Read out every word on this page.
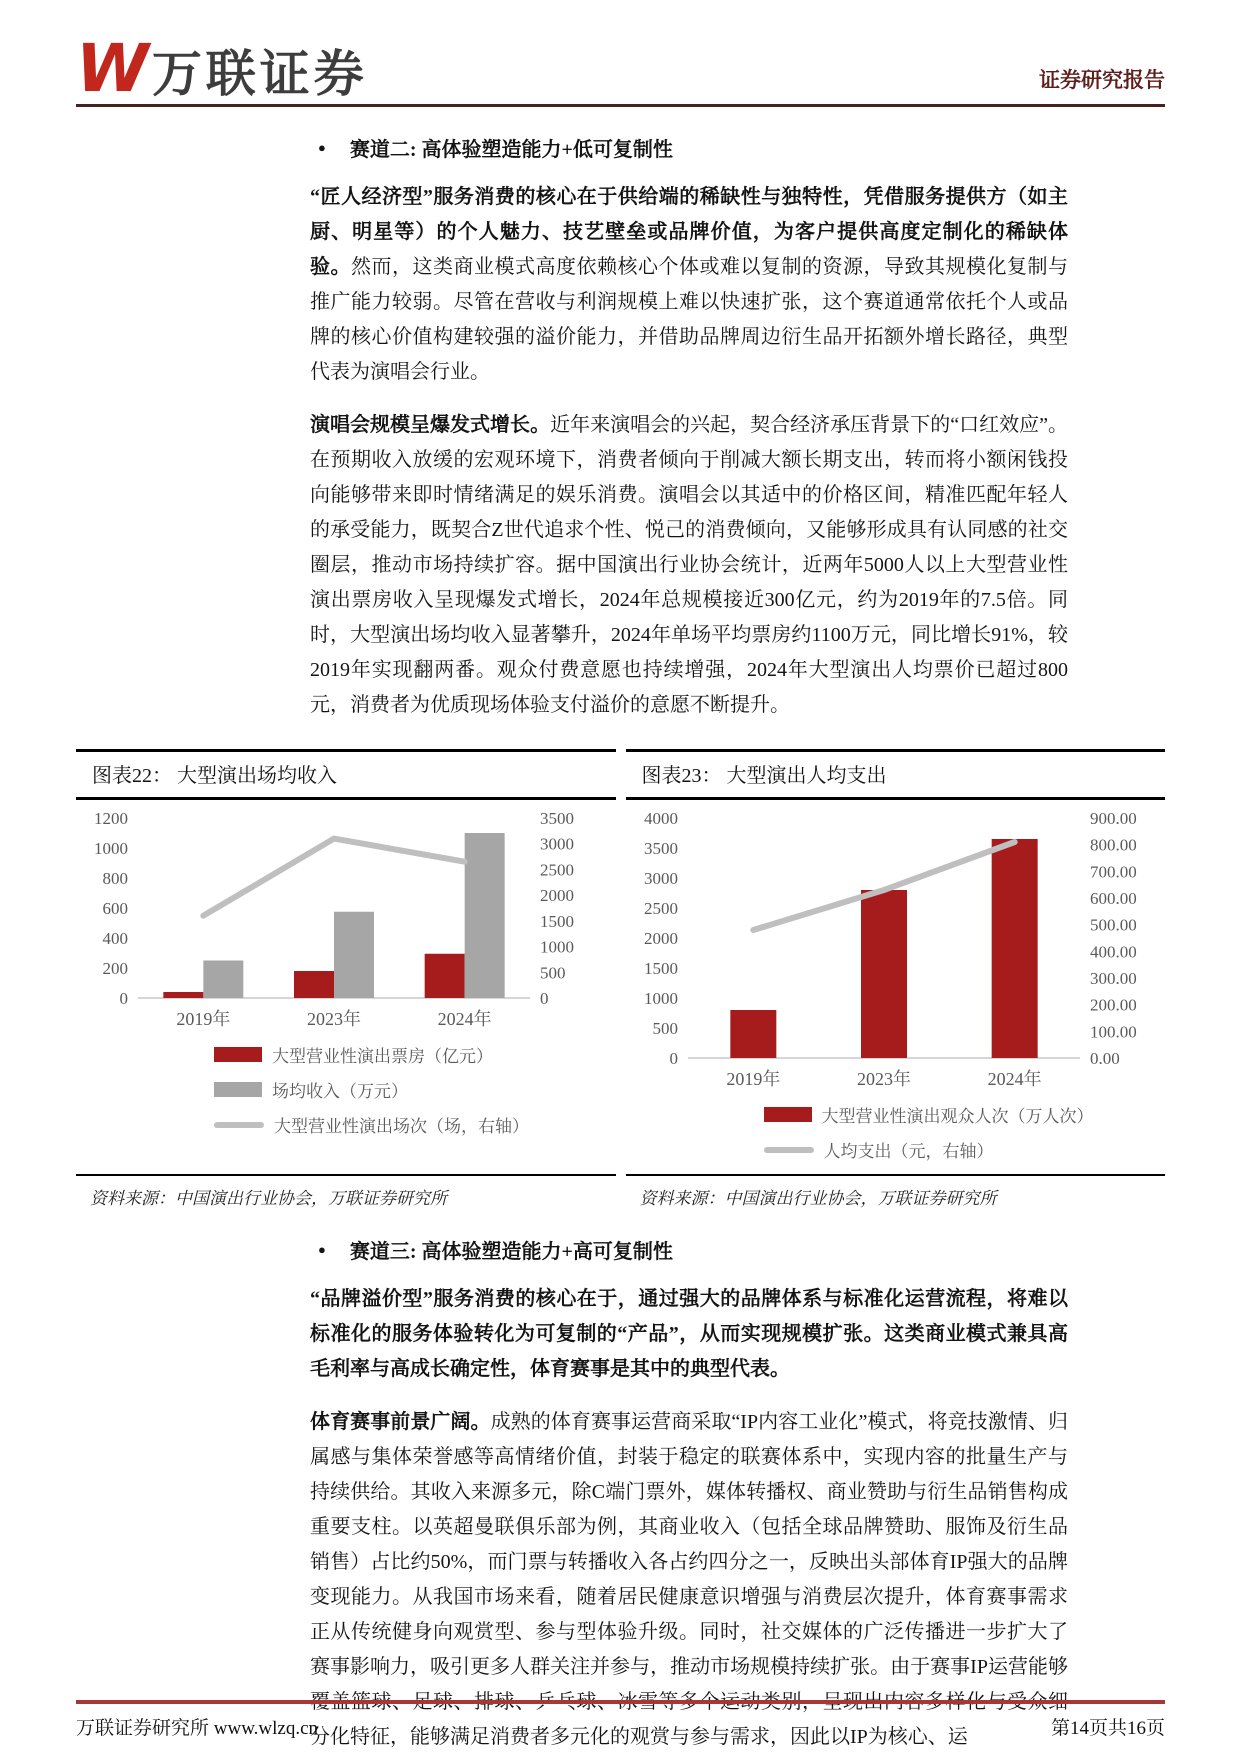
W 万联证券	证券研究报告
● 赛道二: 高体验塑造能力+低可复制性

“匠人经济型”服务消费的核心在于供给端的稀缺性与独特性，凭借服务提供方（如主厨、明星等）的个人魅力、技艺壁垒或品牌价值，为客户提供高度定制化的稀缺体验。然而，这类商业模式高度依赖核心个体或难以复制的资源，导致其规模化复制与推广能力较弱。尽管在营收与利润规模上难以快速扩张，这个赛道通常依托个人或品牌的核心价值构建较强的溢价能力，并借助品牌周边衍生品开拓额外增长路径，典型代表为演唱会行业。

演唱会规模呈爆发式增长。近年来演唱会的兴起，契合经济承压背景下的“口红效应”。在预期收入放缓的宏观环境下，消费者倾向于削减大额长期支出，转而将小额闲钱投向能够带来即时情绪满足的娱乐消费。演唱会以其适中的价格区间，精准匹配年轻人的承受能力，既契合Z世代追求个性、悦己的消费倾向，又能够形成具有认同感的社交圈层，推动市场持续扩容。据中国演出行业协会统计，近两年5000人以上大型营业性演出票房收入呈现爆发式增长，2024年总规模接近300亿元，约为2019年的7.5倍。同时，大型演出场均收入显著攀升，2024年单场平均票房约1100万元，同比增长91%，较2019年实现翻两番。观众付费意愿也持续增强，2024年大型演出人均票价已超过800元，消费者为优质现场体验支付溢价的意愿不断提升。

图表22： 大型演出场均收入
0
200
400
600
800
1000
1200
0
500
1000
1500
2000
2500
3000
3500
2019年	2023年	2024年
大型营业性演出票房（亿元）
场均收入（万元）
大型营业性演出场次（场，右轴）
图表23： 大型演出人均支出
0
500
1000
1500
2000
2500
3000
3500
4000
0.00
100.00
200.00
300.00
400.00
500.00
600.00
700.00
800.00
900.00
2019年	2023年	2024年
大型营业性演出观众人次（万人次）
人均支出（元，右轴）
资料来源：中国演出行业协会，万联证券研究所	资料来源：中国演出行业协会，万联证券研究所
● 赛道三: 高体验塑造能力+高可复制性

“品牌溢价型”服务消费的核心在于，通过强大的品牌体系与标准化运营流程，将难以标准化的服务体验转化为可复制的“产品”，从而实现规模扩张。这类商业模式兼具高毛利率与高成长确定性，体育赛事是其中的典型代表。

体育赛事前景广阔。成熟的体育赛事运营商采取“IP内容工业化”模式，将竞技激情、归属感与集体荣誉感等高情绪价值，封装于稳定的联赛体系中，实现内容的批量生产与持续供给。其收入来源多元，除C端门票外，媒体转播权、商业赞助与衍生品销售构成重要支柱。以英超曼联俱乐部为例，其商业收入（包括全球品牌赞助、服饰及衍生品销售）占比约50%，而门票与转播收入各占约四分之一，反映出头部体育IP强大的品牌变现能力。从我国市场来看，随着居民健康意识增强与消费层次提升，体育赛事需求正从传统健身向观赏型、参与型体验升级。同时，社交媒体的广泛传播进一步扩大了赛事影响力，吸引更多人群关注并参与，推动市场规模持续扩张。由于赛事IP运营能够覆盖篮球、足球、排球、乒乓球、冰雪等多个运动类别，呈现出内容多样化与受众细分化特征，能够满足消费者多元化的观赏与参与需求，因此以IP为核心、运

万联证券研究所 www.wlzq.cn	第14页共16页
